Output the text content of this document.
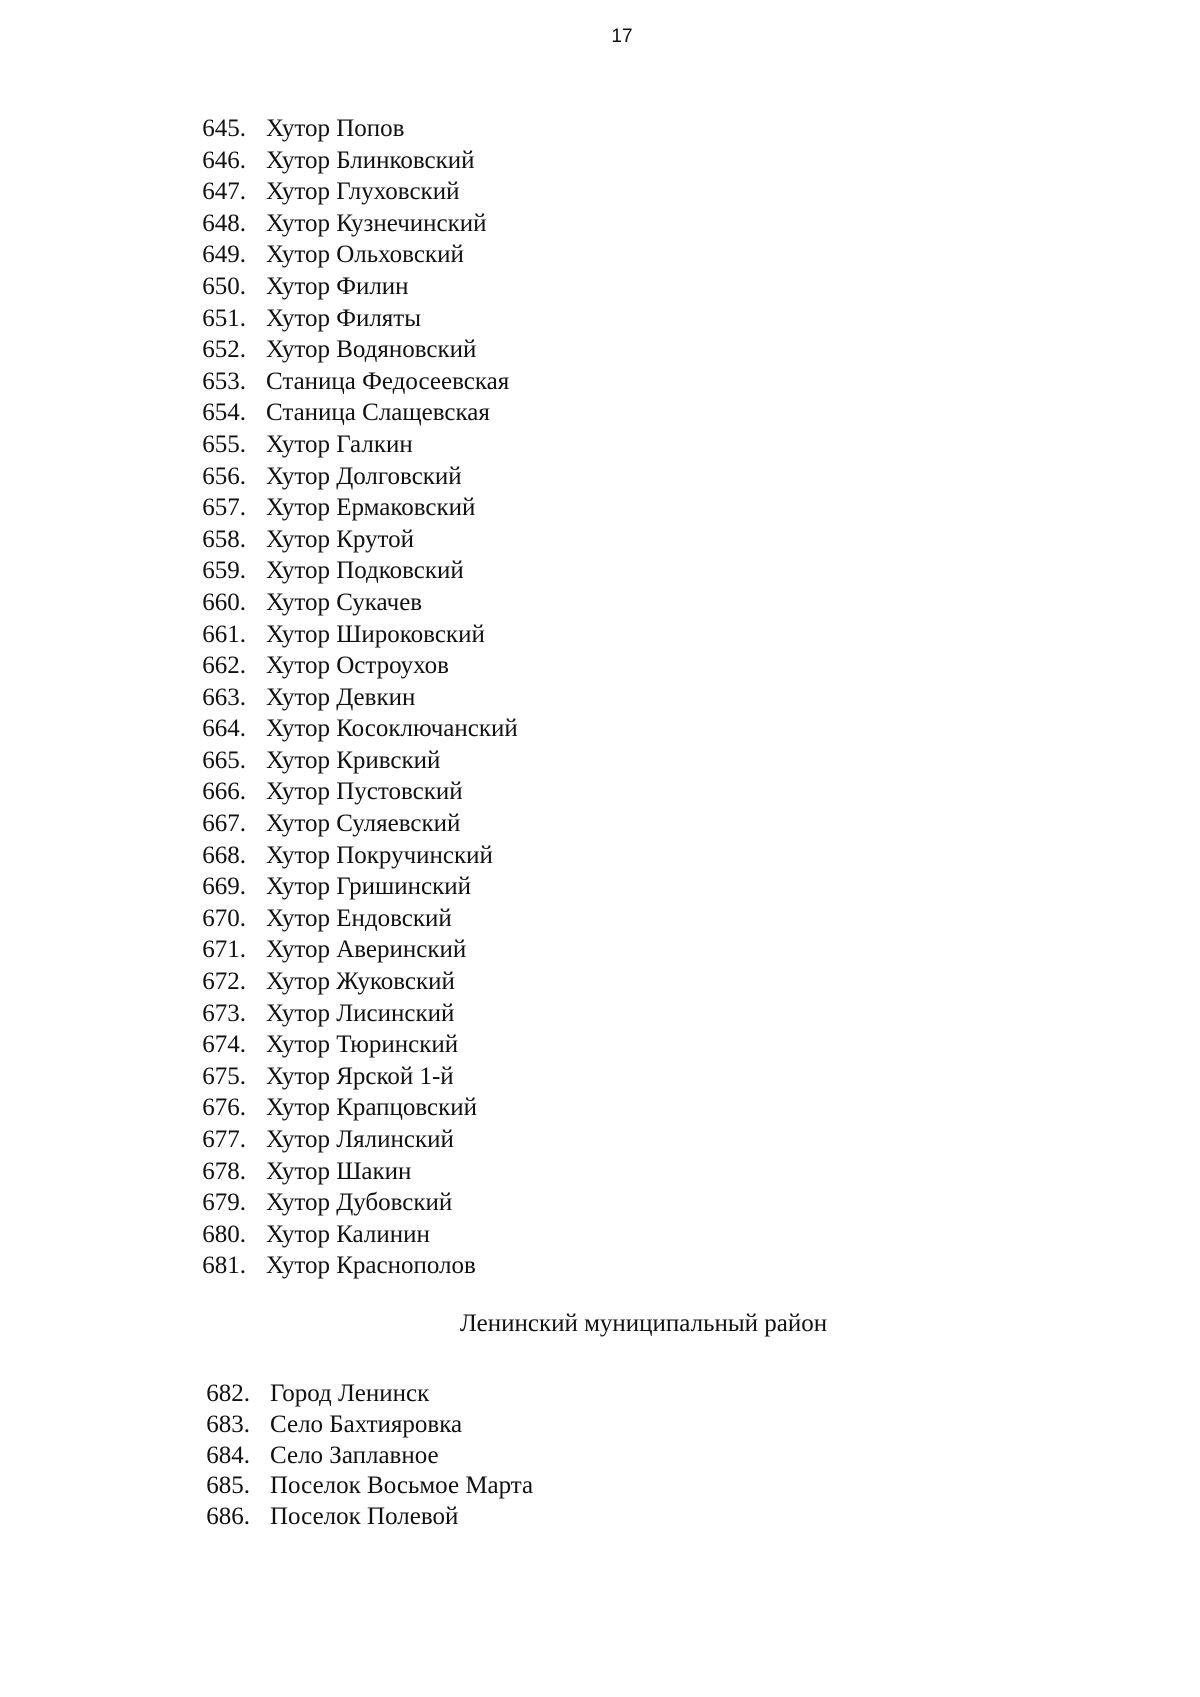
17
645. Хутор Попов
646. Хутор Блинковский
647. Хутор Глуховский
648. Хутор Кузнечинский
649. Хутор Ольховский
650. Хутор Филин
651. Хутор Филяты
652. Хутор Водяновский
653. Станица Федосеевская
654. Станица Слащевская
655. Хутор Галкин
656. Хутор Долговский
657. Хутор Ермаковский
658. Хутор Крутой
659. Хутор Подковский
660. Хутор Сукачев
661. Хутор Широковский
662. Хутор Остроухов
663. Хутор Девкин
664. Хутор Косоключанский
665. Хутор Кривский
666. Хутор Пустовский
667. Хутор Суляевский
668. Хутор Покручинский
669. Хутор Гришинский
670. Хутор Ендовский
671. Хутор Аверинский
672. Хутор Жуковский
673. Хутор Лисинский
674. Хутор Тюринский
675. Хутор Ярской 1-й
676. Хутор Крапцовский
677. Хутор Лялинский
678. Хутор Шакин
679. Хутор Дубовский
680. Хутор Калинин
681. Хутор Краснополов
Ленинский муниципальный район
682. Город Ленинск
683. Село Бахтияровка
684. Село Заплавное
685. Поселок Восьмое Марта
686. Поселок Полевой
